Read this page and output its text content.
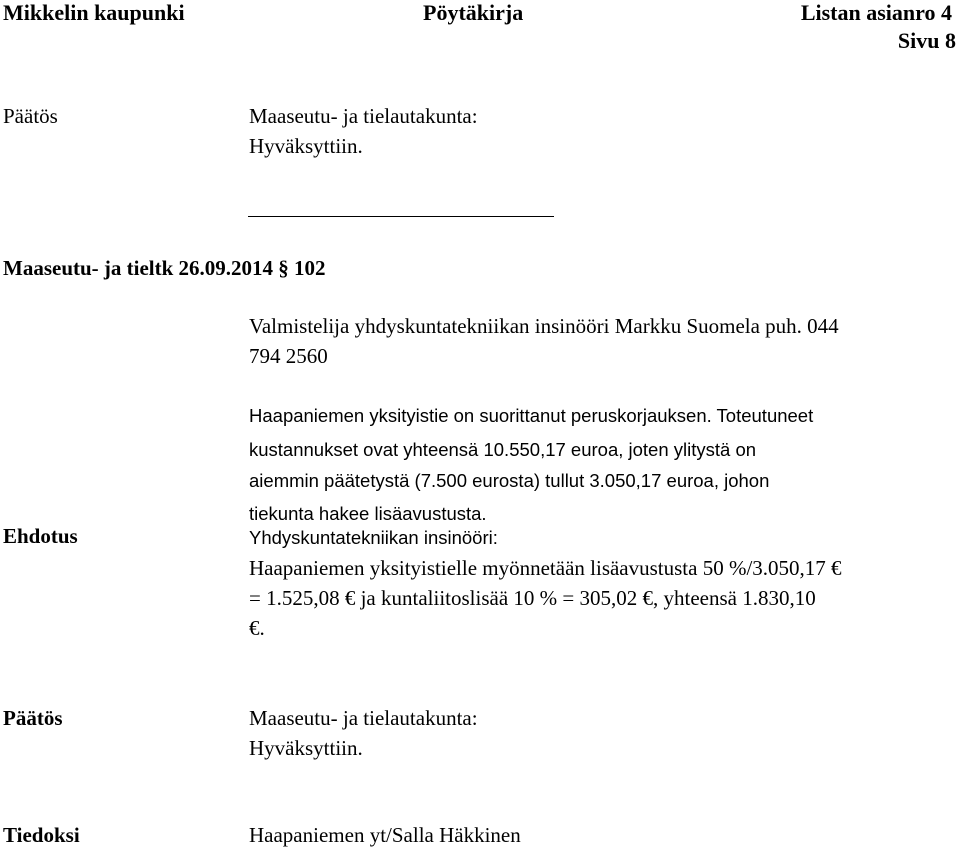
Mikkelin kaupunki	Pöytäkirja	Listan asianro 4
Sivu 8
Päätös	Maaseutu- ja tielautakunta:
Hyväksyttiin.
Maaseutu- ja tieltk 26.09.2014 § 102
Valmistelija yhdyskuntatekniikan insinööri Markku Suomela puh. 044
794 2560
Haapaniemen yksityistie on suorittanut peruskorjauksen. Toteutuneet
kustannukset ovat yhteensä 10.550,17 euroa, joten ylitystä on
aiemmin päätetystä (7.500 eurosta) tullut 3.050,17 euroa, johon
tiekunta hakee lisäavustusta.
Ehdotus	Yhdyskuntatekniikan insinööri:
Haapaniemen yksityistielle myönnetään lisäavustusta 50 %/3.050,17 €
= 1.525,08 € ja kuntaliitoslisää 10 % = 305,02 €, yhteensä 1.830,10
€.
Päätös	Maaseutu- ja tielautakunta:
Hyväksyttiin.
Tiedoksi	Haapaniemen yt/Salla Häkkinen
